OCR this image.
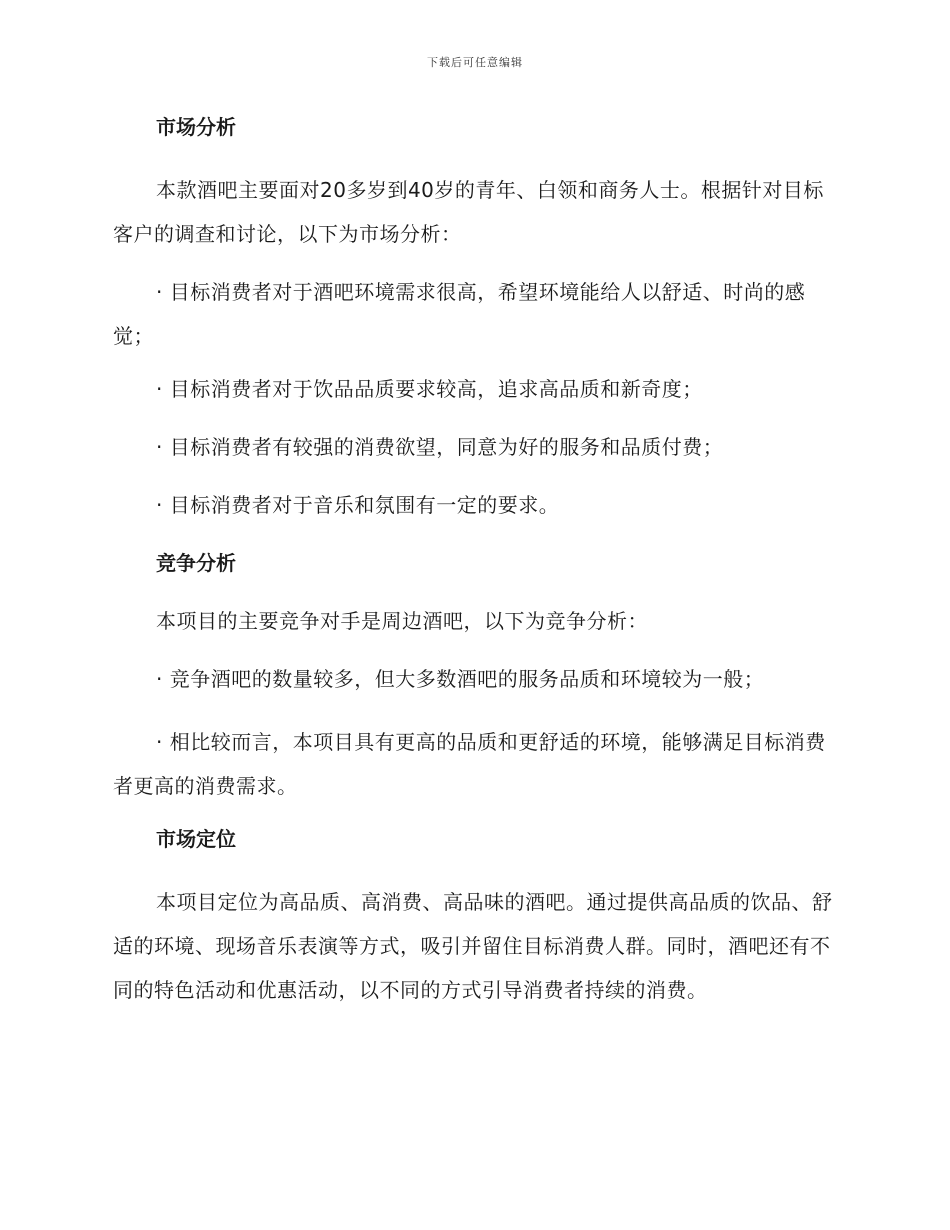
下载后可任意编辑
市场分析
本款酒吧主要面对20多岁到40岁的青年、白领和商务人士。根据针对目标客户的调查和讨论，以下为市场分析：
· 目标消费者对于酒吧环境需求很高，希望环境能给人以舒适、时尚的感觉；
· 目标消费者对于饮品品质要求较高，追求高品质和新奇度；
· 目标消费者有较强的消费欲望，同意为好的服务和品质付费；
· 目标消费者对于音乐和氛围有一定的要求。
竞争分析
本项目的主要竞争对手是周边酒吧，以下为竞争分析：
· 竞争酒吧的数量较多，但大多数酒吧的服务品质和环境较为一般；
· 相比较而言，本项目具有更高的品质和更舒适的环境，能够满足目标消费者更高的消费需求。
市场定位
本项目定位为高品质、高消费、高品味的酒吧。通过提供高品质的饮品、舒适的环境、现场音乐表演等方式，吸引并留住目标消费人群。同时，酒吧还有不同的特色活动和优惠活动，以不同的方式引导消费者持续的消费。
